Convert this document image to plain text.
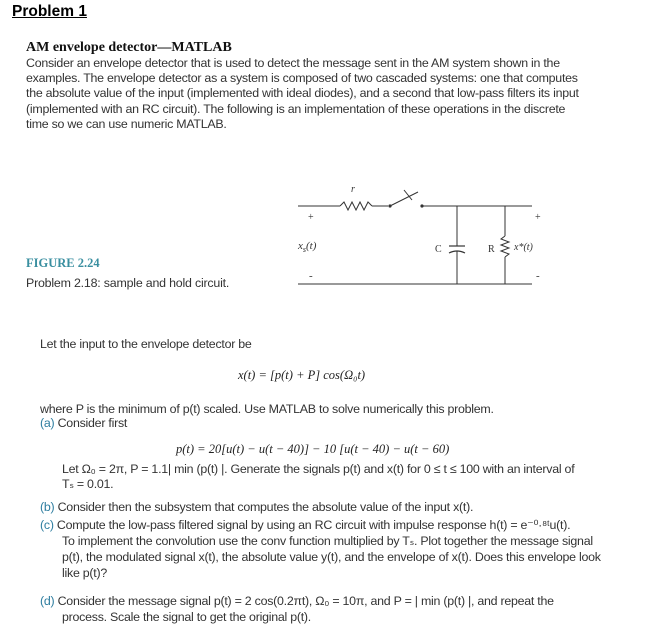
Problem 1
AM envelope detector—MATLAB
Consider an envelope detector that is used to detect the message sent in the AM system shown in the
examples. The envelope detector as a system is composed of two cascaded systems: one that computes
the absolute value of the input (implemented with ideal diodes), and a second that low-pass filters its input
(implemented with an RC circuit). The following is an implementation of these operations in the discrete
time so we can use numeric MATLAB.
r
+
-
$x_s(t)$	C	R x*(t)
+
-
FIGURE 2.24
Problem 2.18: sample and hold circuit.
Let the input to the envelope detector be
x(t) = [p(t) + P] cos(Ω₀t)
where P is the minimum of p(t) scaled. Use MATLAB to solve numerically this problem.
(a) Consider first
p(t) = 20[u(t) − u(t − 40)] − 10 [u(t − 40) − u(t − 60)
Let Ω₀ = 2π, P = 1.1| min (p(t) |. Generate the signals p(t) and x(t) for 0 ≤ t ≤ 100 with an interval of
Tₛ = 0.01.
(b) Consider then the subsystem that computes the absolute value of the input x(t).
(c) Compute the low-pass filtered signal by using an RC circuit with impulse response h(t) = e⁻⁰·⁸ᵗu(t).
To implement the convolution use the conv function multiplied by Tₛ. Plot together the message signal
p(t), the modulated signal x(t), the absolute value y(t), and the envelope of x(t). Does this envelope look
like p(t)?
(d) Consider the message signal p(t) = 2 cos(0.2πt), Ω₀ = 10π, and P = | min (p(t) |, and repeat the
process. Scale the signal to get the original p(t).
